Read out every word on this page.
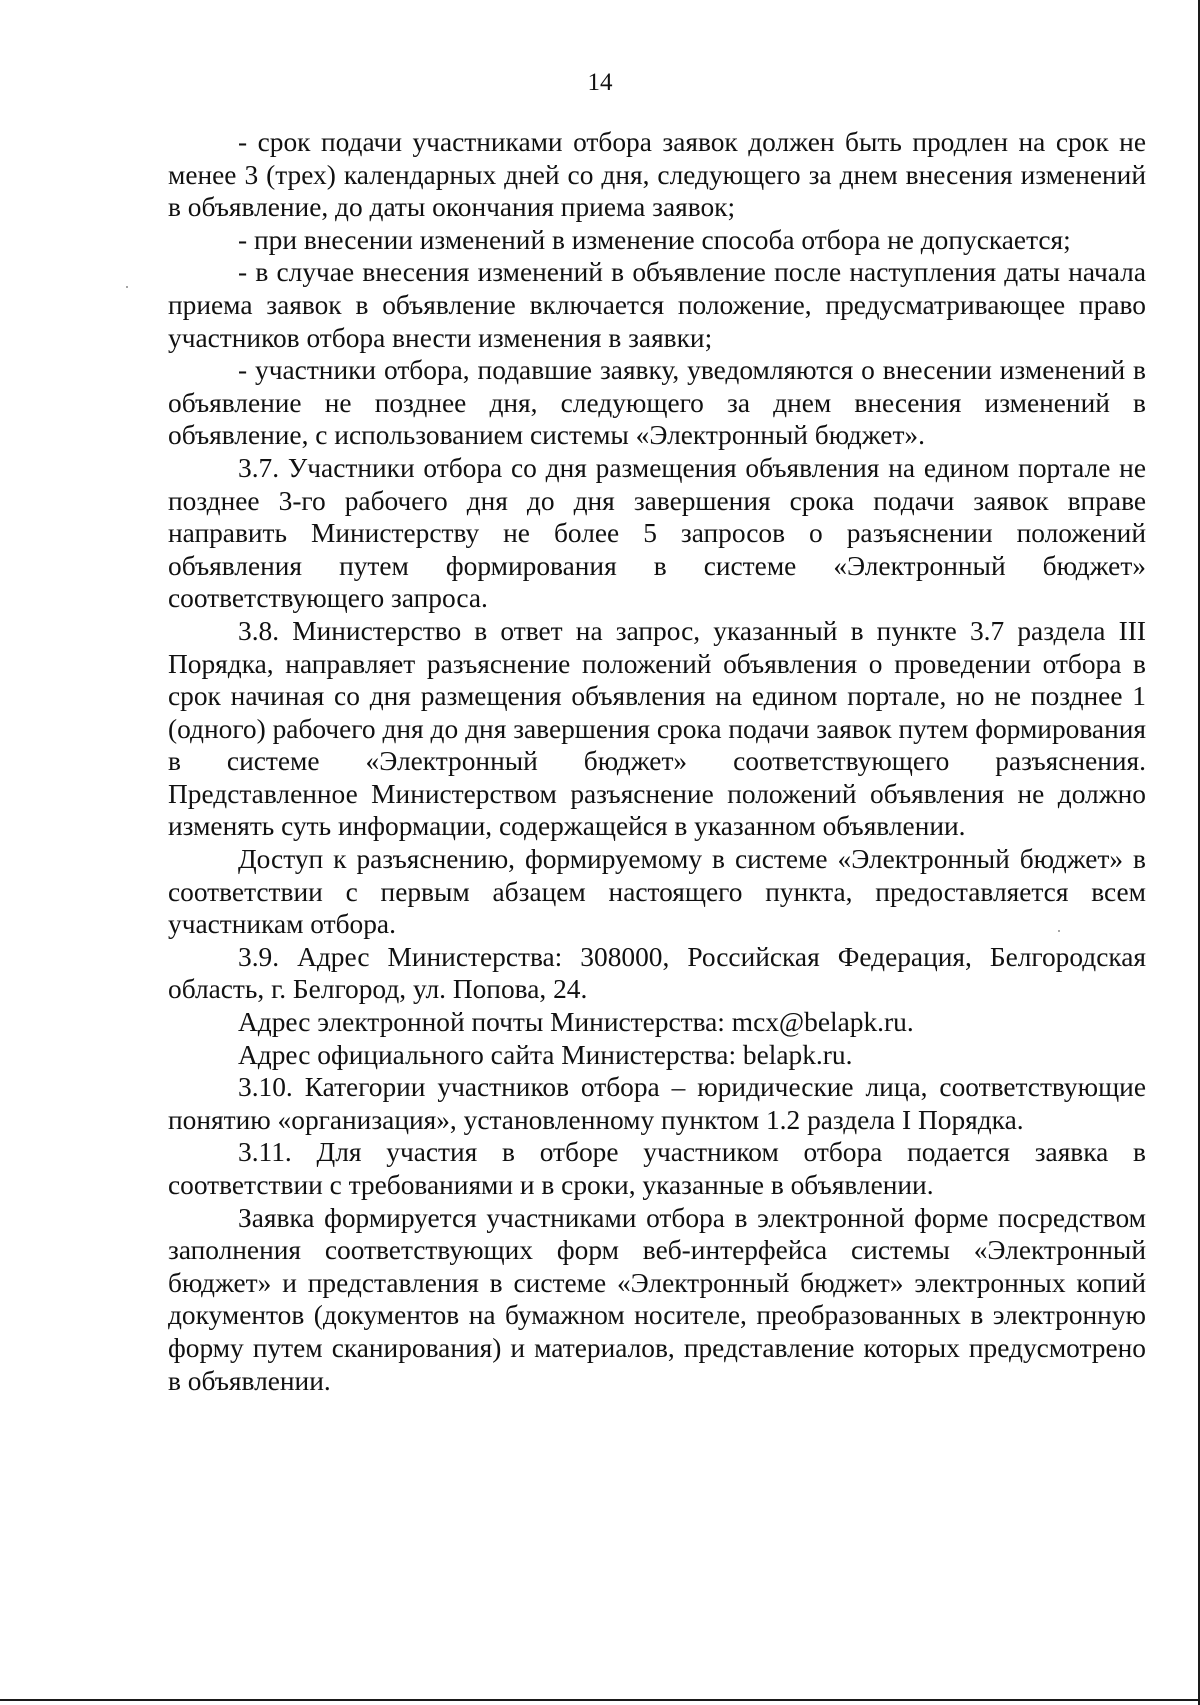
14

- срок подачи участниками отбора заявок должен быть продлен на срок не менее 3 (трех) календарных дней со дня, следующего за днем внесения изменений в объявление, до даты окончания приема заявок;

- при внесении изменений в изменение способа отбора не допускается;

- в случае внесения изменений в объявление после наступления даты начала приема заявок в объявление включается положение, предусматривающее право участников отбора внести изменения в заявки;

- участники отбора, подавшие заявку, уведомляются о внесении изменений в объявление не позднее дня, следующего за днем внесения изменений в объявление, с использованием системы «Электронный бюджет».

3.7. Участники отбора со дня размещения объявления на едином портале не позднее 3-го рабочего дня до дня завершения срока подачи заявок вправе направить Министерству не более 5 запросов о разъяснении положений объявления путем формирования в системе «Электронный бюджет» соответствующего запроса.

3.8. Министерство в ответ на запрос, указанный в пункте 3.7 раздела III Порядка, направляет разъяснение положений объявления о проведении отбора в срок начиная со дня размещения объявления на едином портале, но не позднее 1 (одного) рабочего дня до дня завершения срока подачи заявок путем формирования в системе «Электронный бюджет» соответствующего разъяснения. Представленное Министерством разъяснение положений объявления не должно изменять суть информации, содержащейся в указанном объявлении.

Доступ к разъяснению, формируемому в системе «Электронный бюджет» в соответствии с первым абзацем настоящего пункта, предоставляется всем участникам отбора.

3.9. Адрес Министерства: 308000, Российская Федерация, Белгородская область, г. Белгород, ул. Попова, 24.

Адрес электронной почты Министерства: mcx@belapk.ru.

Адрес официального сайта Министерства: belapk.ru.

3.10. Категории участников отбора – юридические лица, соответствующие понятию «организация», установленному пунктом 1.2 раздела I Порядка.

3.11. Для участия в отборе участником отбора подается заявка в соответствии с требованиями и в сроки, указанные в объявлении.

Заявка формируется участниками отбора в электронной форме посредством заполнения соответствующих форм веб-интерфейса системы «Электронный бюджет» и представления в системе «Электронный бюджет» электронных копий документов (документов на бумажном носителе, преобразованных в электронную форму путем сканирования) и материалов, представление которых предусмотрено в объявлении.
